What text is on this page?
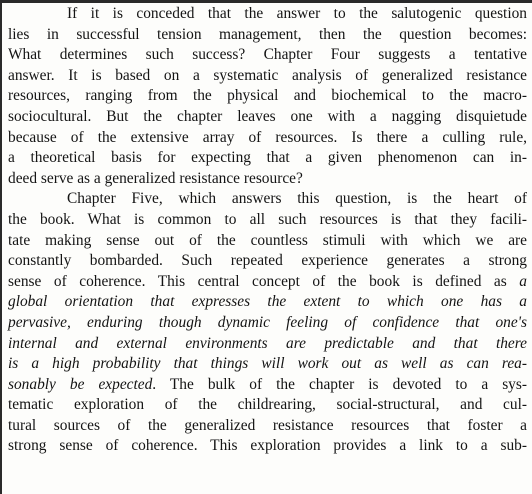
If it is conceded that the answer to the salutogenic question
lies in successful tension management, then the question becomes:
What determines such success? Chapter Four suggests a tentative
answer. It is based on a systematic analysis of generalized resistance
resources, ranging from the physical and biochemical to the macro-
sociocultural. But the chapter leaves one with a nagging disquietude
because of the extensive array of resources. Is there a culling rule,
a theoretical basis for expecting that a given phenomenon can in-
deed serve as a generalized resistance resource?
Chapter Five, which answers this question, is the heart of
the book. What is common to all such resources is that they facili-
tate making sense out of the countless stimuli with which we are
constantly bombarded. Such repeated experience generates a strong
sense of coherence. This central concept of the book is defined as a
global orientation that expresses the extent to which one has a
pervasive, enduring though dynamic feeling of confidence that one's
internal and external environments are predictable and that there
is a high probability that things will work out as well as can rea-
sonably be expected. The bulk of the chapter is devoted to a sys-
tematic exploration of the childrearing, social-structural, and cul-
tural sources of the generalized resistance resources that foster a
strong sense of coherence. This exploration provides a link to a sub-
